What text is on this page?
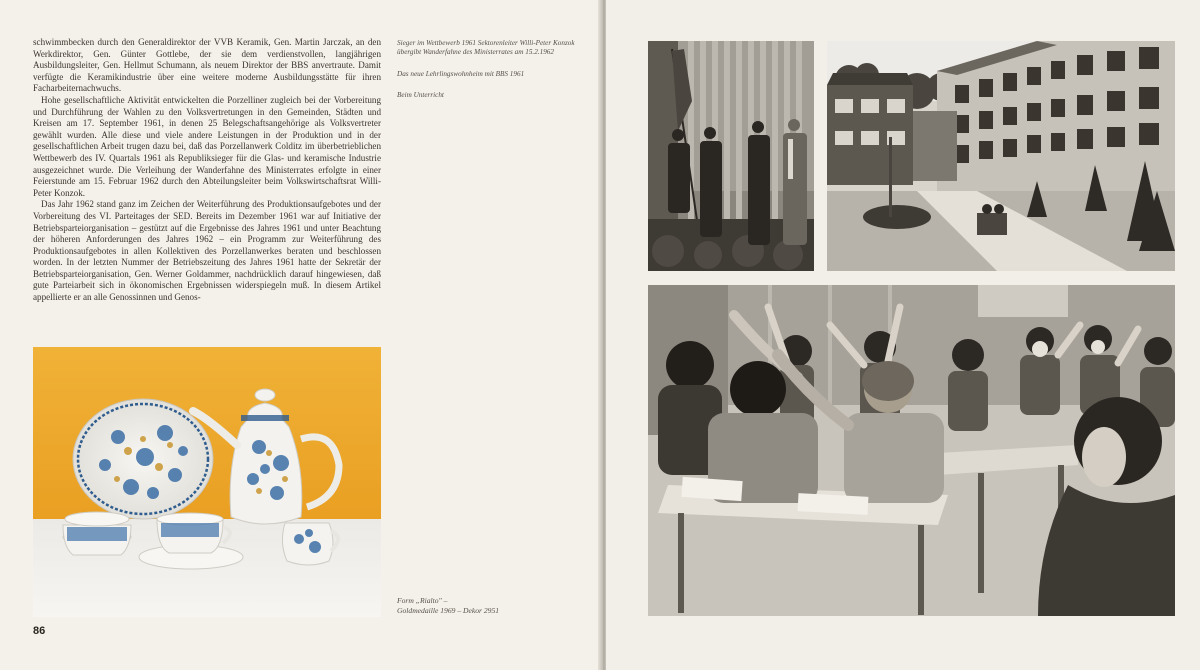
schwimmbecken durch den Generaldirektor der VVB Keramik, Gen. Martin Jarczak, an den Werkdirektor, Gen. Günter Gottlebe, der sie dem verdienstvollen, langjährigen Ausbildungsleiter, Gen. Hellmut Schumann, als neuem Direktor der BBS anvertraute. Damit verfügte die Keramikindustrie über eine weitere moderne Ausbildungsstätte für ihren Facharbeiternachwuchs.

Hohe gesellschaftliche Aktivität entwickelten die Porzelliner zugleich bei der Vorbereitung und Durchführung der Wahlen zu den Volksvertretungen in den Gemeinden, Städten und Kreisen am 17. September 1961, in denen 25 Belegschaftsangehörige als Volksvertreter gewählt wurden. Alle diese und viele andere Leistungen in der Produktion und in der gesellschaftlichen Arbeit trugen dazu bei, daß das Porzellanwerk Colditz im überbetrieblichen Wettbewerb des IV. Quartals 1961 als Republiksieger für die Glas- und keramische Industrie ausgezeichnet wurde. Die Verleihung der Wanderfahne des Ministerrates erfolgte in einer Feierstunde am 15. Februar 1962 durch den Abteilungsleiter beim Volkswirtschaftsrat Willi-Peter Konzok.

Das Jahr 1962 stand ganz im Zeichen der Weiterführung des Produktionsaufgebotes und der Vorbereitung des VI. Parteitages der SED. Bereits im Dezember 1961 war auf Initiative der Betriebsparteiorganisation – gestützt auf die Ergebnisse des Jahres 1961 und unter Beachtung der höheren Anforderungen des Jahres 1962 – ein Programm zur Weiterführung des Produktionsaufgebotes in allen Kollektiven des Porzellanwerkes beraten und beschlossen worden. In der letzten Nummer der Betriebszeitung des Jahres 1961 hatte der Sekretär der Betriebsparteiorganisation, Gen. Werner Goldammer, nachdrücklich darauf hingewiesen, daß gute Parteiarbeit sich in ökonomischen Ergebnissen widerspiegeln muß. In diesem Artikel appellierte er an alle Genossinnen und Genos-

Sieger im Wettbewerb 1961 Sektorenleiter Willi-Peter Konzok übergibt Wanderfahne des Ministerrates am 15.2.1962
Das neue Lehrlingswohnheim mit BBS 1961
Beim Unterricht
Form „Rialto" –
Goldmedaille 1969 – Dekor 2951
86
